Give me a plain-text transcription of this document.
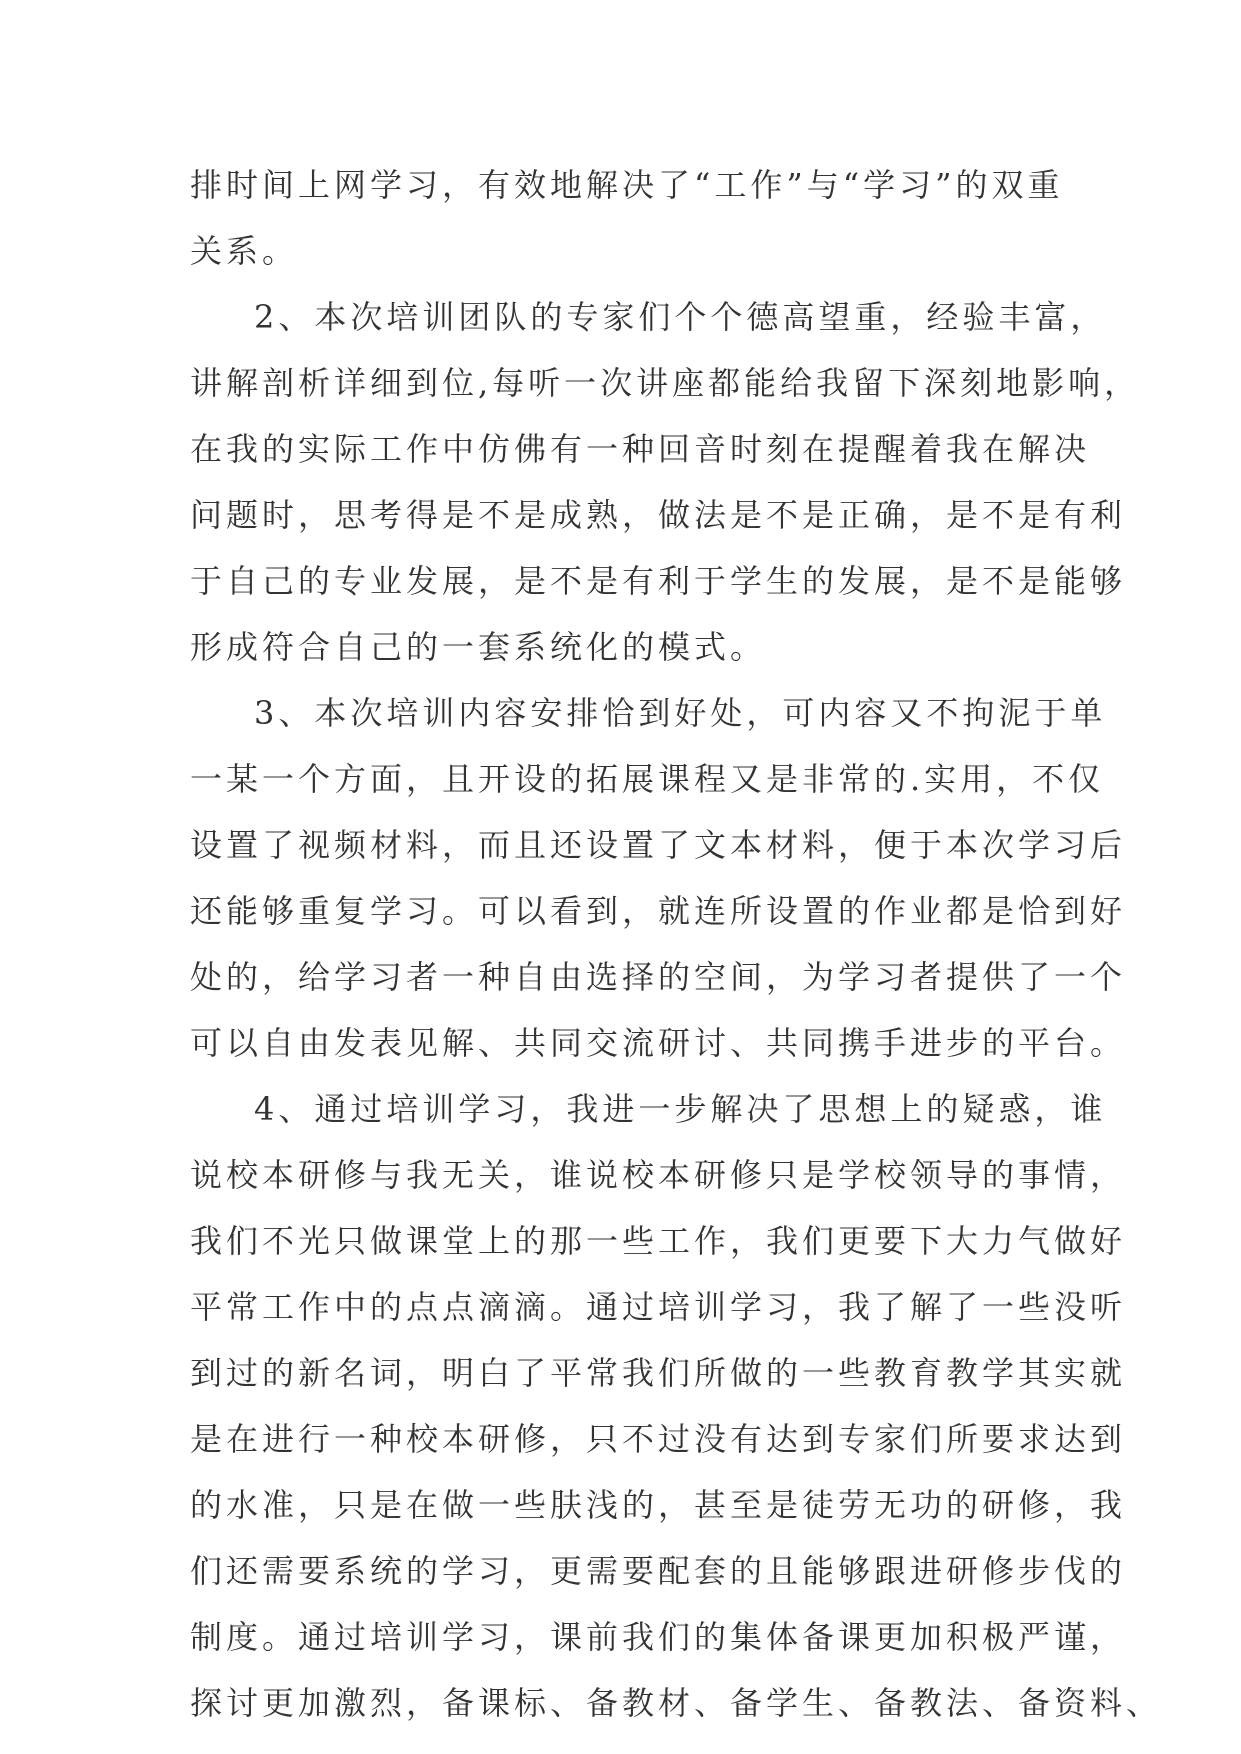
排时间上网学习，有效地解决了“工作”与“学习”的双重
关系。
2、本次培训团队的专家们个个德高望重，经验丰富，
讲解剖析详细到位,每听一次讲座都能给我留下深刻地影响，
在我的实际工作中仿佛有一种回音时刻在提醒着我在解决
问题时，思考得是不是成熟，做法是不是正确，是不是有利
于自己的专业发展，是不是有利于学生的发展，是不是能够
形成符合自己的一套系统化的模式。
3、本次培训内容安排恰到好处，可内容又不拘泥于单
一某一个方面，且开设的拓展课程又是非常的.实用，不仅
设置了视频材料，而且还设置了文本材料，便于本次学习后
还能够重复学习。可以看到，就连所设置的作业都是恰到好
处的，给学习者一种自由选择的空间，为学习者提供了一个
可以自由发表见解、共同交流研讨、共同携手进步的平台。
4、通过培训学习，我进一步解决了思想上的疑惑，谁
说校本研修与我无关，谁说校本研修只是学校领导的事情，
我们不光只做课堂上的那一些工作，我们更要下大力气做好
平常工作中的点点滴滴。通过培训学习，我了解了一些没听
到过的新名词，明白了平常我们所做的一些教育教学其实就
是在进行一种校本研修，只不过没有达到专家们所要求达到
的水准，只是在做一些肤浅的，甚至是徒劳无功的研修，我
们还需要系统的学习，更需要配套的且能够跟进研修步伐的
制度。通过培训学习，课前我们的集体备课更加积极严谨，
探讨更加激烈，备课标、备教材、备学生、备教法、备资料、
